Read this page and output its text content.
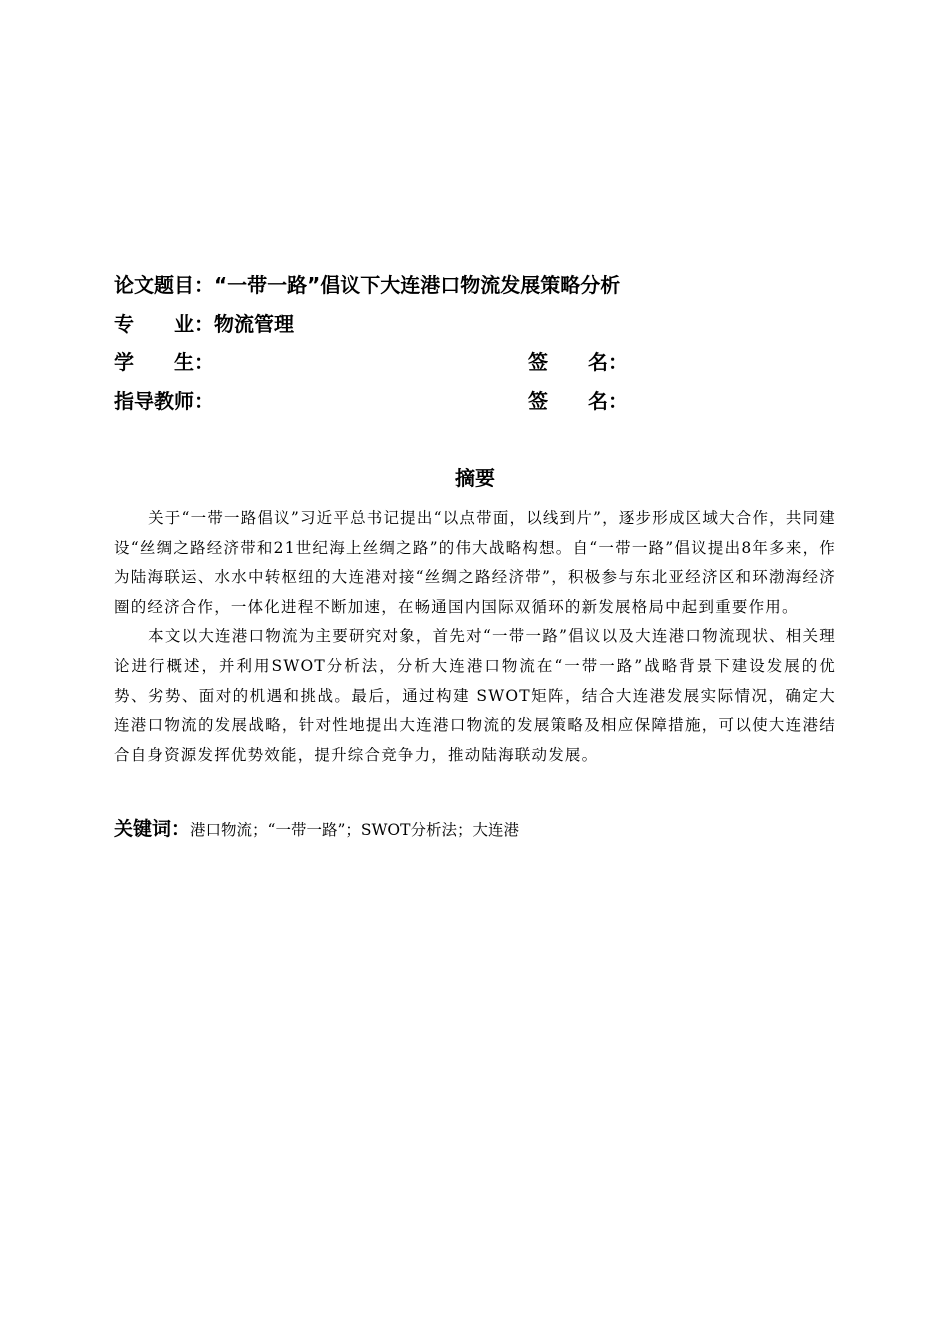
论文题目：“一带一路”倡议下大连港口物流发展策略分析
专　　业：物流管理
学　　生：	签　　名：
指导教师：	签　　名：
摘要

关于“一带一路倡议”习近平总书记提出“以点带面，以线到片”，逐步形成区域大合作，共同建设“丝绸之路经济带和21世纪海上丝绸之路”的伟大战略构想。自“一带一路”倡议提出8年多来，作为陆海联运、水水中转枢纽的大连港对接“丝绸之路经济带”，积极参与东北亚经济区和环渤海经济圈的经济合作，一体化进程不断加速，在畅通国内国际双循环的新发展格局中起到重要作用。

本文以大连港口物流为主要研究对象，首先对“一带一路”倡议以及大连港口物流现状、相关理论进行概述，并利用SWOT分析法，分析大连港口物流在“一带一路”战略背景下建设发展的优势、劣势、面对的机遇和挑战。最后，通过构建 SWOT矩阵，结合大连港发展实际情况，确定大连港口物流的发展战略，针对性地提出大连港口物流的发展策略及相应保障措施，可以使大连港结合自身资源发挥优势效能，提升综合竞争力，推动陆海联动发展。

关键词：港口物流；“一带一路”；SWOT分析法；大连港
